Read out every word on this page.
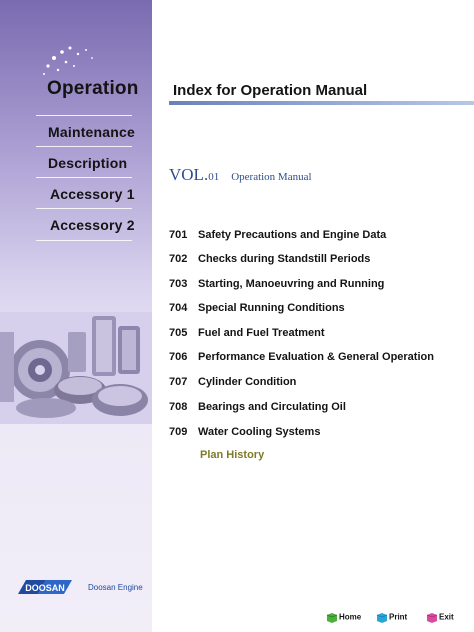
Operation
Maintenance
Description
Accessory 1
Accessory 2
DOOSAN	Doosan Engine
Index for Operation Manual
VOL.01 Operation Manual
701 Safety Precautions and Engine Data
702 Checks during Standstill Periods
703 Starting, Manoeuvring and Running
704 Special Running Conditions
705 Fuel and Fuel Treatment
706 Performance Evaluation & General Operation
707 Cylinder Condition
708 Bearings and Circulating Oil
709 Water Cooling Systems
Plan History
Home	Print	Exit
